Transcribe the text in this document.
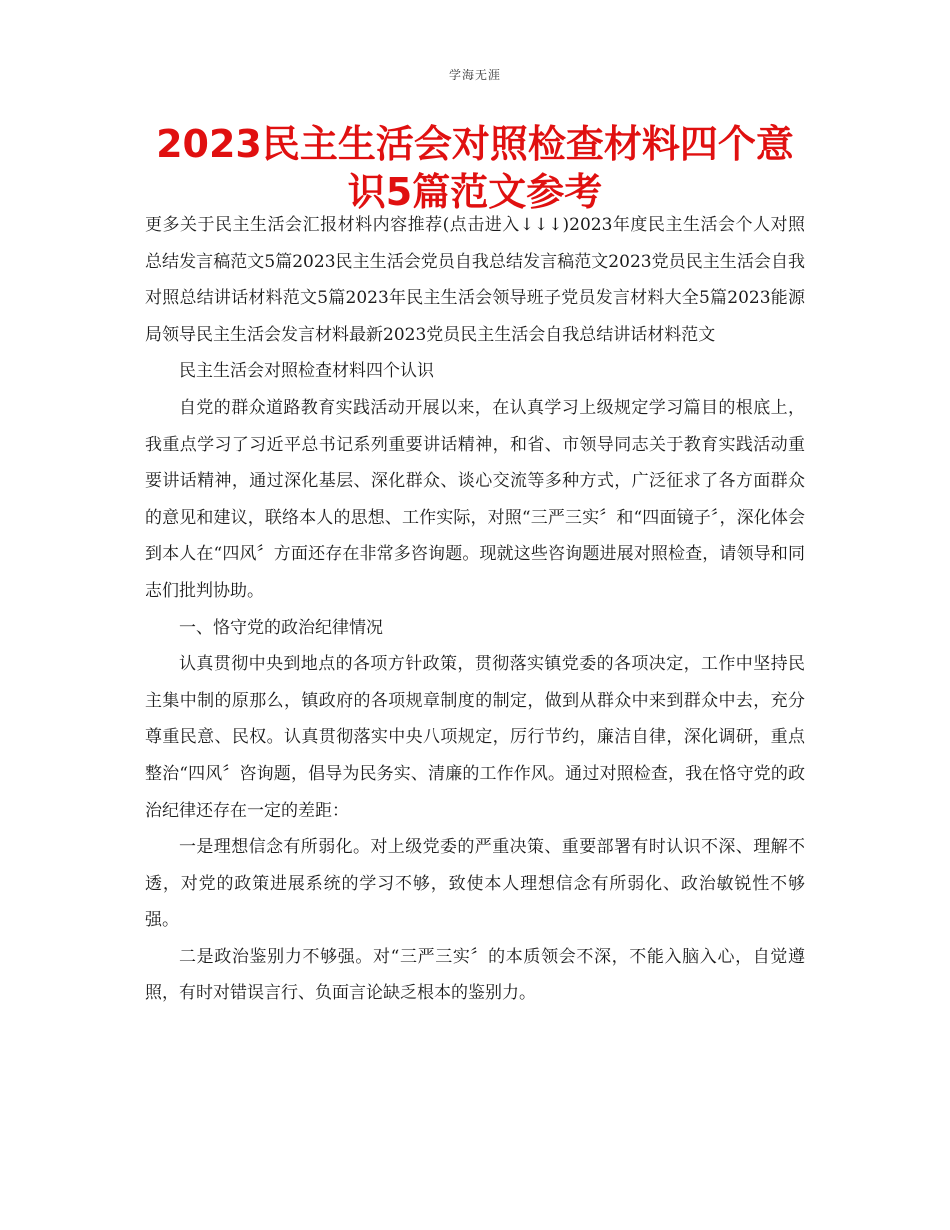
学海无涯
2023民主生活会对照检查材料四个意识5篇范文参考

更多关于民主生活会汇报材料内容推荐(点击进入↓↓↓)2023年度民主生活会个人对照总结发言稿范文5篇2023民主生活会党员自我总结发言稿范文2023党员民主生活会自我对照总结讲话材料范文5篇2023年民主生活会领导班子党员发言材料大全5篇2023能源局领导民主生活会发言材料最新2023党员民主生活会自我总结讲话材料范文

民主生活会对照检查材料四个认识

自党的群众道路教育实践活动开展以来，在认真学习上级规定学习篇目的根底上，我重点学习了习近平总书记系列重要讲话精神，和省、市领导同志关于教育实践活动重要讲话精神，通过深化基层、深化群众、谈心交流等多种方式，广泛征求了各方面群众的意见和建议，联络本人的思想、工作实际，对照“三严三实〞和“四面镜子〞，深化体会到本人在“四风〞方面还存在非常多咨询题。现就这些咨询题进展对照检查，请领导和同志们批判协助。

一、恪守党的政治纪律情况

认真贯彻中央到地点的各项方针政策，贯彻落实镇党委的各项决定，工作中坚持民主集中制的原那么，镇政府的各项规章制度的制定，做到从群众中来到群众中去，充分尊重民意、民权。认真贯彻落实中央八项规定，厉行节约，廉洁自律，深化调研，重点整治“四风〞咨询题，倡导为民务实、清廉的工作作风。通过对照检查，我在恪守党的政治纪律还存在一定的差距：

一是理想信念有所弱化。对上级党委的严重决策、重要部署有时认识不深、理解不透，对党的政策进展系统的学习不够，致使本人理想信念有所弱化、政治敏锐性不够强。

二是政治鉴别力不够强。对“三严三实〞的本质领会不深，不能入脑入心，自觉遵照，有时对错误言行、负面言论缺乏根本的鉴别力。
